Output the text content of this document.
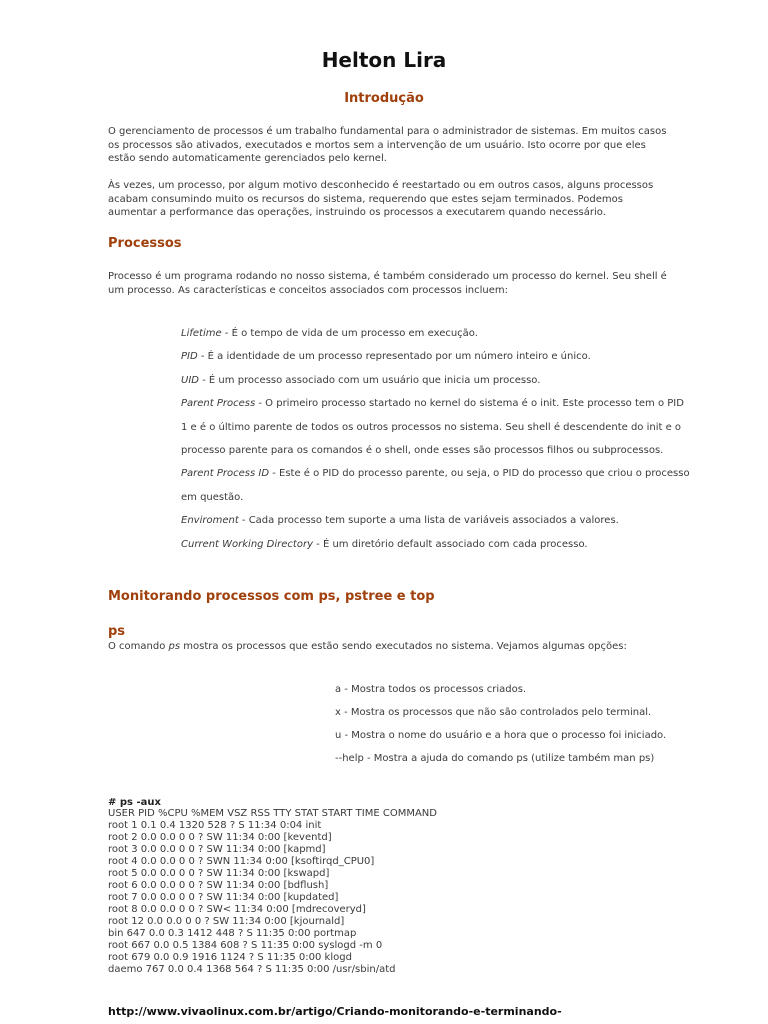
Helton Lira
Introdução

O gerenciamento de processos é um trabalho fundamental para o administrador de sistemas. Em muitos casos os processos são ativados, executados e mortos sem a intervenção de um usuário. Isto ocorre por que eles estão sendo automaticamente gerenciados pelo kernel.

Às vezes, um processo, por algum motivo desconhecido é reestartado ou em outros casos, alguns processos acabam consumindo muito os recursos do sistema, requerendo que estes sejam terminados. Podemos aumentar a performance das operações, instruindo os processos a executarem quando necessário.

Processos

Processo é um programa rodando no nosso sistema, é também considerado um processo do kernel. Seu shell é um processo. As características e conceitos associados com processos incluem:

Lifetime - É o tempo de vida de um processo em execução.
PID - É a identidade de um processo representado por um número inteiro e único.
UID - É um processo associado com um usuário que inicia um processo.
Parent Process - O primeiro processo startado no kernel do sistema é o init. Este processo tem o PID 1 e é o último parente de todos os outros processos no sistema. Seu shell é descendente do init e o processo parente para os comandos é o shell, onde esses são processos filhos ou subprocessos.
Parent Process ID - Este é o PID do processo parente, ou seja, o PID do processo que criou o processo em questão.
Enviroment - Cada processo tem suporte a uma lista de variáveis associados a valores.
Current Working Directory - É um diretório default associado com cada processo.
Monitorando processos com ps, pstree e top
ps

O comando ps mostra os processos que estão sendo executados no sistema. Vejamos algumas opções:

a - Mostra todos os processos criados.
x - Mostra os processos que não são controlados pelo terminal.
u - Mostra o nome do usuário e a hora que o processo foi iniciado.
--help - Mostra a ajuda do comando ps (utilize também man ps)
# ps -aux
USER PID %CPU %MEM VSZ RSS TTY STAT START TIME COMMAND
root 1 0.1 0.4 1320 528 ? S 11:34 0:04 init
root 2 0.0 0.0 0 0 ? SW 11:34 0:00 [keventd]
root 3 0.0 0.0 0 0 ? SW 11:34 0:00 [kapmd]
root 4 0.0 0.0 0 0 ? SWN 11:34 0:00 [ksoftirqd_CPU0]
root 5 0.0 0.0 0 0 ? SW 11:34 0:00 [kswapd]
root 6 0.0 0.0 0 0 ? SW 11:34 0:00 [bdflush]
root 7 0.0 0.0 0 0 ? SW 11:34 0:00 [kupdated]
root 8 0.0 0.0 0 0 ? SW< 11:34 0:00 [mdrecoveryd]
root 12 0.0 0.0 0 0 ? SW 11:34 0:00 [kjournald]
bin 647 0.0 0.3 1412 448 ? S 11:35 0:00 portmap
root 667 0.0 0.5 1384 608 ? S 11:35 0:00 syslogd -m 0
root 679 0.0 0.9 1916 1124 ? S 11:35 0:00 klogd
daemo 767 0.0 0.4 1368 564 ? S 11:35 0:00 /usr/sbin/atd
http://www.vivaolinux.com.br/artigo/Criando-monitorando-e-terminando-
